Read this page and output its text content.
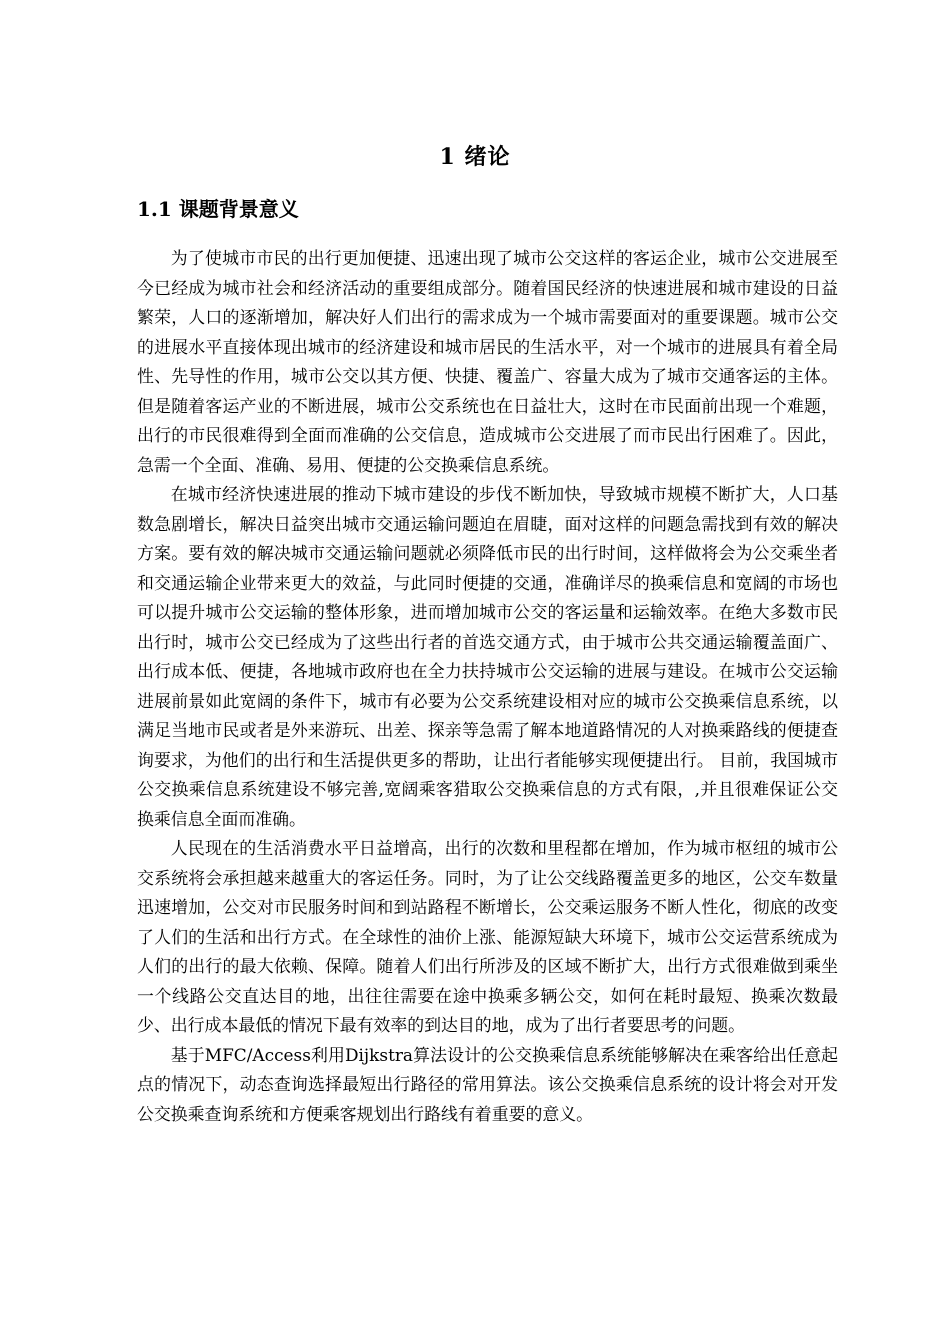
1 绪论
1.1 课题背景意义

为了使城市市民的出行更加便捷、迅速出现了城市公交这样的客运企业，城市公交进展至今已经成为城市社会和经济活动的重要组成部分。随着国民经济的快速进展和城市建设的日益繁荣，人口的逐渐增加，解决好人们出行的需求成为一个城市需要面对的重要课题。城市公交的进展水平直接体现出城市的经济建设和城市居民的生活水平，对一个城市的进展具有着全局性、先导性的作用，城市公交以其方便、快捷、覆盖广、容量大成为了城市交通客运的主体。但是随着客运产业的不断进展，城市公交系统也在日益壮大，这时在市民面前出现一个难题，出行的市民很难得到全面而准确的公交信息，造成城市公交进展了而市民出行困难了。因此，急需一个全面、准确、易用、便捷的公交换乘信息系统。

在城市经济快速进展的推动下城市建设的步伐不断加快，导致城市规模不断扩大，人口基数急剧增长，解决日益突出城市交通运输问题迫在眉睫，面对这样的问题急需找到有效的解决方案。要有效的解决城市交通运输问题就必须降低市民的出行时间，这样做将会为公交乘坐者和交通运输企业带来更大的效益，与此同时便捷的交通，准确详尽的换乘信息和宽阔的市场也可以提升城市公交运输的整体形象，进而增加城市公交的客运量和运输效率。在绝大多数市民出行时，城市公交已经成为了这些出行者的首选交通方式，由于城市公共交通运输覆盖面广、出行成本低、便捷，各地城市政府也在全力扶持城市公交运输的进展与建设。在城市公交运输进展前景如此宽阔的条件下，城市有必要为公交系统建设相对应的城市公交换乘信息系统，以满足当地市民或者是外来游玩、出差、探亲等急需了解本地道路情况的人对换乘路线的便捷查询要求，为他们的出行和生活提供更多的帮助，让出行者能够实现便捷出行。 目前，我国城市公交换乘信息系统建设不够完善,宽阔乘客猎取公交换乘信息的方式有限，,并且很难保证公交换乘信息全面而准确。

人民现在的生活消费水平日益增高，出行的次数和里程都在增加，作为城市枢纽的城市公交系统将会承担越来越重大的客运任务。同时，为了让公交线路覆盖更多的地区，公交车数量迅速增加，公交对市民服务时间和到站路程不断增长，公交乘运服务不断人性化，彻底的改变了人们的生活和出行方式。在全球性的油价上涨、能源短缺大环境下，城市公交运营系统成为人们的出行的最大依赖、保障。随着人们出行所涉及的区域不断扩大，出行方式很难做到乘坐一个线路公交直达目的地，出往往需要在途中换乘多辆公交，如何在耗时最短、换乘次数最少、出行成本最低的情况下最有效率的到达目的地，成为了出行者要思考的问题。

基于MFC/Access利用Dijkstra算法设计的公交换乘信息系统能够解决在乘客给出任意起点的情况下，动态查询选择最短出行路径的常用算法。该公交换乘信息系统的设计将会对开发公交换乘查询系统和方便乘客规划出行路线有着重要的意义。
